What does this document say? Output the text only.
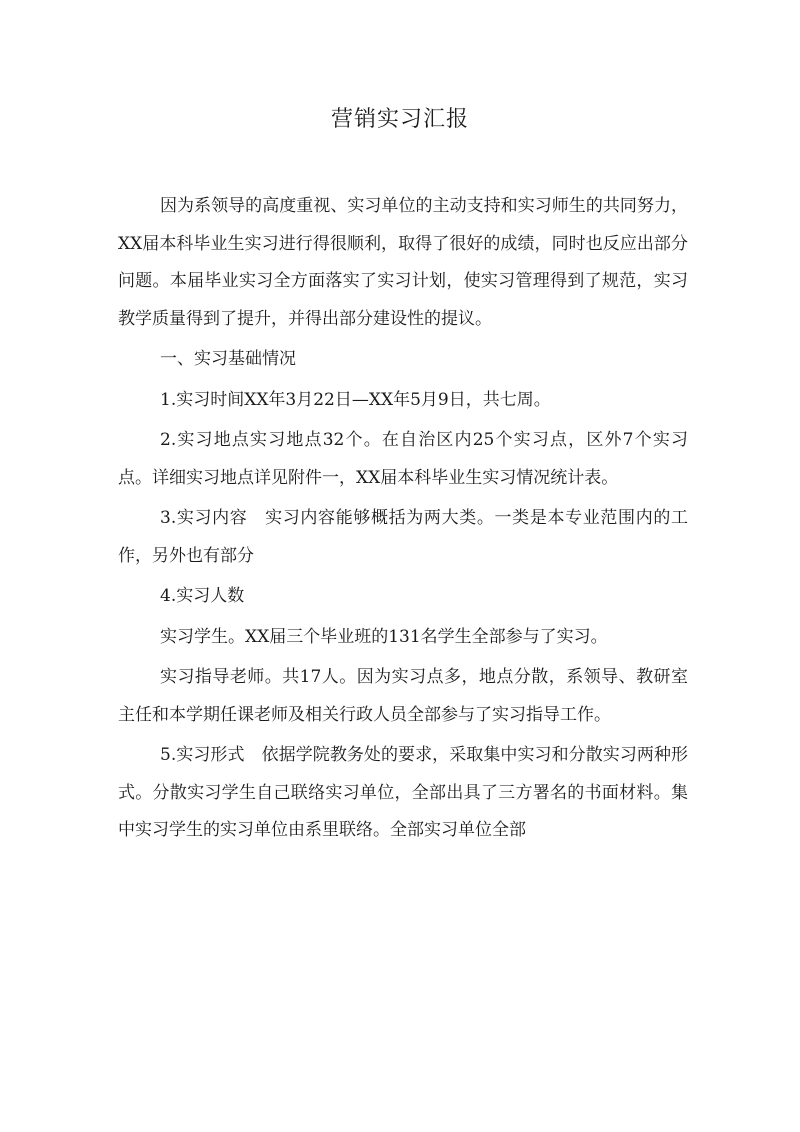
营销实习汇报

因为系领导的高度重视、实习单位的主动支持和实习师生的共同努力，XX届本科毕业生实习进行得很顺利，取得了很好的成绩，同时也反应出部分问题。本届毕业实习全方面落实了实习计划，使实习管理得到了规范，实习教学质量得到了提升，并得出部分建设性的提议。

一、实习基础情况

1.实习时间XX年3月22日—XX年5月9日，共七周。

2.实习地点实习地点32个。在自治区内25个实习点，区外7个实习点。详细实习地点详见附件一，XX届本科毕业生实习情况统计表。

3.实习内容　实习内容能够概括为两大类。一类是本专业范围内的工作，另外也有部分

4.实习人数

实习学生。XX届三个毕业班的131名学生全部参与了实习。

实习指导老师。共17人。因为实习点多，地点分散，系领导、教研室主任和本学期任课老师及相关行政人员全部参与了实习指导工作。

5.实习形式　依据学院教务处的要求，采取集中实习和分散实习两种形式。分散实习学生自己联络实习单位，全部出具了三方署名的书面材料。集中实习学生的实习单位由系里联络。全部实习单位全部
